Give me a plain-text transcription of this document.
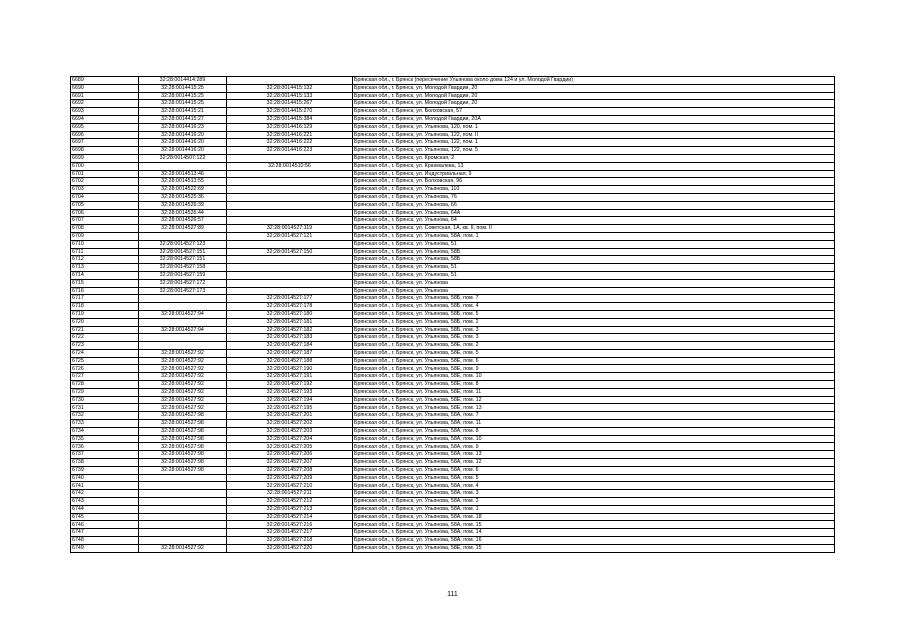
6689	32:28:0014414:289		Брянская обл., г. Брянск (пересечение Ульянова около дома 124 и ул. Молодой Гвардии)
6690	32:28:0014415:25	32:28:0014415:132	Брянская обл., г. Брянск, ул. Молодой Гвардии, 20
6691	32:28:0014415:25	32:28:0014415:133	Брянская обл., г. Брянск, ул. Молодой Гвардии, 20
6692	32:28:0014415:25	32:28:0014415:267	Брянская обл., г. Брянск, ул. Молодой Гвардии, 20
6693	32:28:0014415:21	32:28:0014415:270	Брянская обл., г. Брянск, ул. Болховская, 57
6694	32:28:0014415:27	32:28:0014415:384	Брянская обл., г. Брянск, ул. Молодой Гвардии, 20А
6695	32:28:0014416:23	32:28:0014416:129	Брянская обл., г. Брянск, ул. Ульянова, 120, пом. 1
6696	32:28:0014416:20	32:28:0014416:221	Брянская обл., г. Брянск, ул. Ульянова, 122, пом. II
6697	32:28:0014416:20	32:28:0014416:222	Брянская обл., г. Брянск, ул. Ульянова, 122, пом. 1
6698	32:28:0014416:20	32:28:0014416:223	Брянская обл., г. Брянск, ул. Ульянова, 122, пом. 5
6699	32:28:0014507:122		Брянская обл., г. Брянск, ул. Кромская, 2
6700		32:28:0014510:56	Брянская обл., г. Брянск, ул. Крахмалева, 13
6701	32:28:0014513:46		Брянская обл., г. Брянск, ул. Индустриальная, 9
6702	32:28:0014513:55		Брянская обл., г. Брянск, ул. Болховская, 96
6703	32:28:0014522:69		Брянская обл., г. Брянск, ул. Ульянова, 110
6704	32:28:0014525:36		Брянская обл., г. Брянск, ул. Ульянова, 76
6705	32:28:0014526:39		Брянская обл., г. Брянск, ул. Ульянова, 66
6706	32:28:0014526:44		Брянская обл., г. Брянск, ул. Ульянова, 64А
6707	32:28:0014526:57		Брянская обл., г. Брянск, ул. Ульянова, 64
6708	32:28:0014527:89	32:28:0014527:119	Брянская обл., г. Брянск, ул. Советская, 1А, кв. II, пом. II
6709		32:28:0014527:121	Брянская обл., г. Брянск, ул. Ульянова, 58А, пом. 1
6710	32:28:0014527:123		Брянская обл., г. Брянск, ул. Ульянова, 51
6711	32:28:0014527:151	32:28:0014527:150	Брянская обл., г. Брянск, ул. Ульянова, 58Б
6712	32:28:0014527:151		Брянская обл., г. Брянск, ул. Ульянова, 58Б
6713	32:28:0014527:158		Брянская обл., г. Брянск, ул. Ульянова, 51
6714	32:28:0014527:159		Брянская обл., г. Брянск, ул. Ульянова, 51
6715	32:28:0014527:172		Брянская обл., г. Брянск, ул. Ульянова
6716	32:28:0014527:173		Брянская обл., г. Брянск, ул. Ульянова
6717		32:28:0014527:177	Брянская обл., г. Брянск, ул. Ульянова, 58Б, пом. 7
6718		32:28:0014527:178	Брянская обл., г. Брянск, ул. Ульянова, 58Б, пом. 4
6719	32:28:0014527:94	32:28:0014527:180	Брянская обл., г. Брянск, ул. Ульянова, 58Б, пом. 5
6720		32:28:0014527:181	Брянская обл., г. Брянск, ул. Ульянова, 58Б, пом. 2
6721	32:28:0014527:94	32:28:0014527:182	Брянская обл., г. Брянск, ул. Ульянова, 58Б, пом. 3
6722		32:28:0014527:183	Брянская обл., г. Брянск, ул. Ульянова, 58Е, пом. 3
6723		32:28:0014527:184	Брянская обл., г. Брянск, ул. Ульянова, 58Е, пом. 2
6724	32:28:0014527:92	32:28:0014527:187	Брянская обл., г. Брянск, ул. Ульянова, 58Е, пом. 5
6725	32:28:0014527:92	32:28:0014527:188	Брянская обл., г. Брянск, ул. Ульянова, 58Е, пом. 6
6726	32:28:0014527:92	32:28:0014527:190	Брянская обл., г. Брянск, ул. Ульянова, 58Е, пом. 9
6727	32:28:0014527:92	32:28:0014527:191	Брянская обл., г. Брянск, ул. Ульянова, 58Е, пом. 10
6728	32:28:0014527:92	32:28:0014527:192	Брянская обл., г. Брянск, ул. Ульянова, 58Е, пом. 8
6729	32:28:0014527:92	32:28:0014527:193	Брянская обл., г. Брянск, ул. Ульянова, 58Е, пом. 11
6730	32:28:0014527:92	32:28:0014527:194	Брянская обл., г. Брянск, ул. Ульянова, 58Е, пом. 12
6731	32:28:0014527:92	32:28:0014527:195	Брянская обл., г. Брянск, ул. Ульянова, 58Е, пом. 13
6732	32:28:0014527:98	32:28:0014527:201	Брянская обл., г. Брянск, ул. Ульянова, 58А, пом. 7
6733	32:28:0014527:98	32:28:0014527:202	Брянская обл., г. Брянск, ул. Ульянова, 58А, пом. 11
6734	32:28:0014527:98	32:28:0014527:203	Брянская обл., г. Брянск, ул. Ульянова, 58А, пом. 8
6735	32:28:0014527:98	32:28:0014527:204	Брянская обл., г. Брянск, ул. Ульянова, 58А, пом. 10
6736	32:28:0014527:98	32:28:0014527:205	Брянская обл., г. Брянск, ул. Ульянова, 58А, пом. 9
6737	32:28:0014527:98	32:28:0014527:206	Брянская обл., г. Брянск, ул. Ульянова, 58А, пом. 13
6738	32:28:0014527:98	32:28:0014527:207	Брянская обл., г. Брянск, ул. Ульянова, 58А, пом. 12
6739	32:28:0014527:98	32:28:0014527:208	Брянская обл., г. Брянск, ул. Ульянова, 58А, пом. 6
6740		32:28:0014527:209	Брянская обл., г. Брянск, ул. Ульянова, 58А, пом. 5
6741		32:28:0014527:210	Брянская обл., г. Брянск, ул. Ульянова, 58А, пом. 4
6742		32:28:0014527:211	Брянская обл., г. Брянск, ул. Ульянова, 58А, пом. 3
6743		32:28:0014527:212	Брянская обл., г. Брянск, ул. Ульянова, 58А, пом. 2
6744		32:28:0014527:213	Брянская обл., г. Брянск, ул. Ульянова, 58А, пом. 1
6745		32:28:0014527:214	Брянская обл., г. Брянск, ул. Ульянова, 58А, пом. 18
6746		32:28:0014527:216	Брянская обл., г. Брянск, ул. Ульянова, 58А, пом. 15
6747		32:28:0014527:217	Брянская обл., г. Брянск, ул. Ульянова, 58А, пом. 14
6748		32:28:0014527:218	Брянская обл., г. Брянск, ул. Ульянова, 58А, пом. 16
6749	32:28:0014527:92	32:28:0014527:220	Брянская обл., г. Брянск, ул. Ульянова, 58Е, пом. 15
111
